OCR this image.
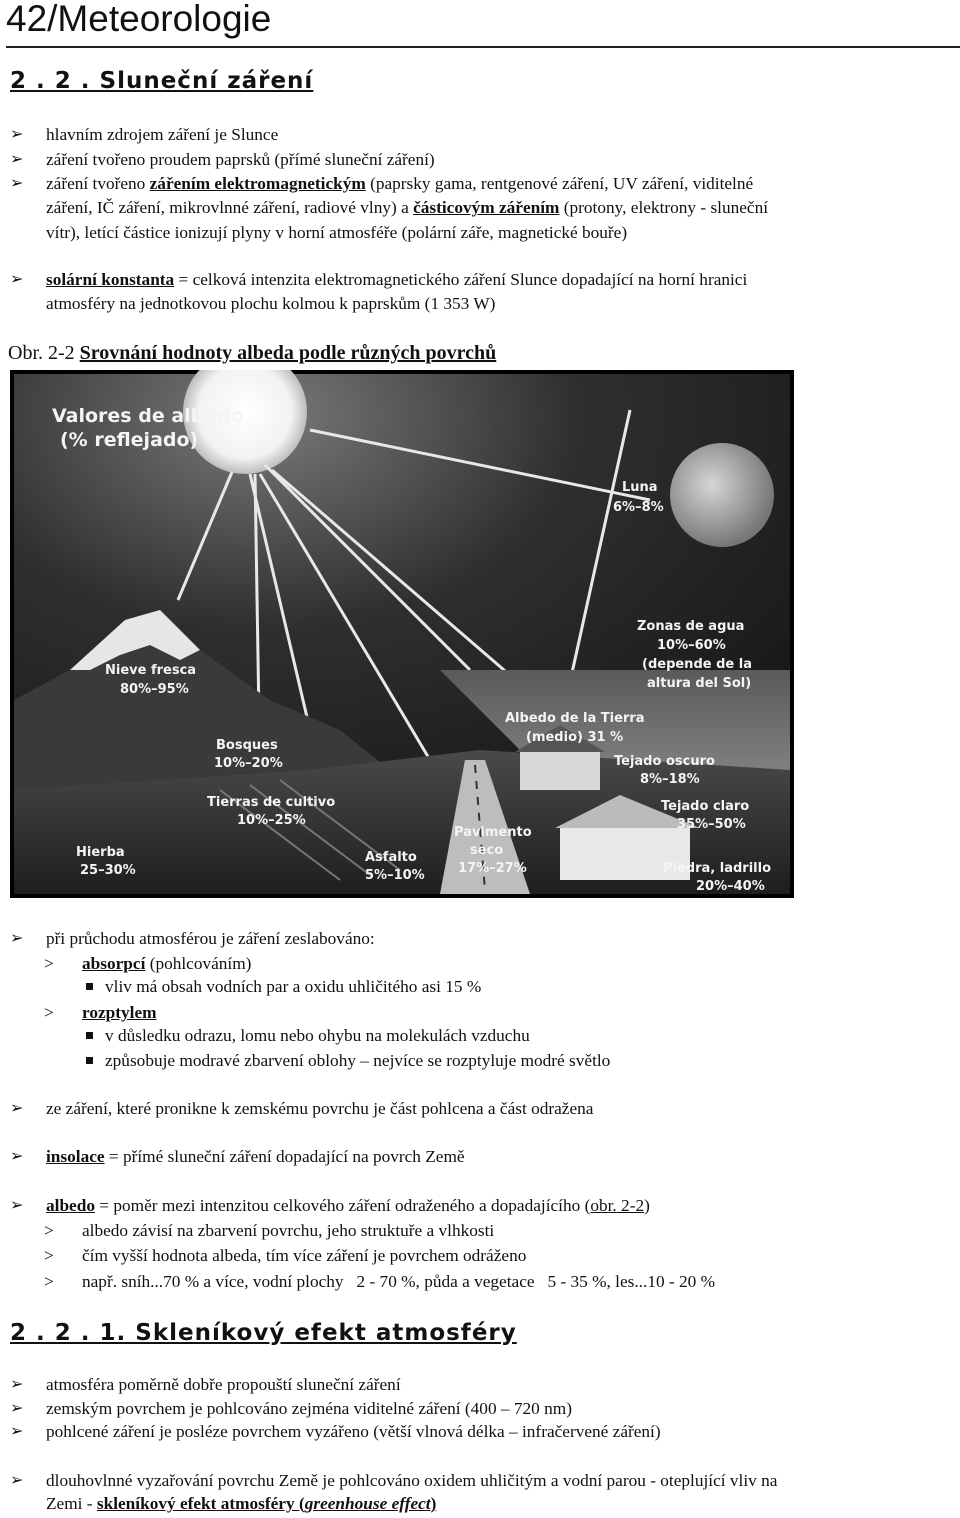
42/Meteorologie
2 . 2 . Sluneční záření
➢ hlavním zdrojem záření je Slunce
➢ záření tvořeno proudem paprsků (přímé sluneční záření)
➢ záření tvořeno zářením elektromagnetickým (paprsky gama, rentgenové záření, UV záření, viditelné
záření, IČ záření, mikrovlnné záření, radiové vlny) a částicovým zářením (protony, elektrony - sluneční
vítr), letící částice ionizují plyny v horní atmosféře (polární záře, magnetické bouře)
➢ solární konstanta = celková intenzita elektromagnetického záření Slunce dopadající na horní hranici
atmosféry na jednotkovou plochu kolmou k paprskům (1 353 W)
Obr. 2-2 Srovnání hodnoty albeda podle různých povrchů
Valores de albedo
(% reflejado)
Luna
6%–8%
Zonas de agua
10%–60%
(depende de la
altura del Sol)
Nieve fresca
80%–95%
Albedo de la Tierra
(medio) 31 %
Bosques
10%–20%	Tejado oscuro
8%–18%
Tierras de cultivo
10%–25%
Tejado claro
35%–50%
Pavimento
seco
17%–27%
Hierba
25–30%
Asfalto
5%–10%	Piedra, ladrillo
20%–40%
➢ při průchodu atmosférou je záření zeslabováno:
> absorpcí (pohlcováním)
vliv má obsah vodních par a oxidu uhličitého asi 15 %
> rozptylem
v důsledku odrazu, lomu nebo ohybu na molekulách vzduchu
způsobuje modravé zbarvení oblohy – nejvíce se rozptyluje modré světlo
➢ ze záření, které pronikne k zemskému povrchu je část pohlcena a část odražena
➢ insolace = přímé sluneční záření dopadající na povrch Země
➢ albedo = poměr mezi intenzitou celkového záření odraženého a dopadajícího (obr. 2-2)
> albedo závisí na zbarvení povrchu, jeho struktuře a vlhkosti
> čím vyšší hodnota albeda, tím více záření je povrchem odráženo
> např. sníh...70 % a více, vodní plochy   2 - 70 %, půda a vegetace   5 - 35 %, les...10 - 20 %
2 . 2 . 1. Skleníkový efekt atmosféry
➢ atmosféra poměrně dobře propouští sluneční záření
➢ zemským povrchem je pohlcováno zejména viditelné záření (400 – 720 nm)
➢ pohlcené záření je posléze povrchem vyzářeno (větší vlnová délka – infračervené záření)
➢ dlouhovlnné vyzařování povrchu Země je pohlcováno oxidem uhličitým a vodní parou - oteplující vliv na
Zemi - skleníkový efekt atmosféry (greenhouse effect)
